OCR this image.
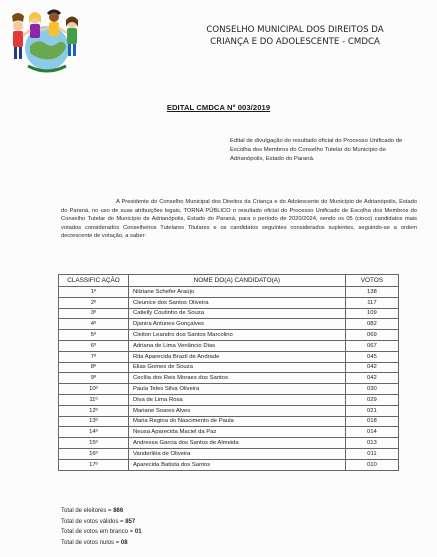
CONSELHO MUNICIPAL DOS DIREITOS DA
CRIANÇA E DO ADOLESCENTE - CMDCA
EDITAL CMDCA Nº 003/2019
Edital de divulgação do resultado oficial do Processo Unificado de Escolha dos Membros do Conselho Tutelar do Município de Adrianópolis, Estado do Paraná.
A Presidente do Conselho Municipal dos Direitos da Criança e do Adolescente do Município de Adrianópolis, Estado do Paraná, no uso de suas atribuições legais, TORNA PÚBLICO o resultado oficial do Processo Unificado de Escolha dos Membros do Conselho Tutelar do Município de Adrianópolis, Estado do Paraná, para o período de 2020/2024, sendo os 05 (cinco) candidatos mais votados considerados Conselheiros Tutelares Titulares e os candidatos seguintes considerados suplentes, seguindo-se a ordem decrescente de votação, a saber:
CLASSIFIC AÇÃO	NOME DO(A) CANDIDATO(A)	VOTOS
1º	Nilziane Schefer Araújo	138
2º	Cleunice dos Santos Oliveira	117
3º	Catielly Coutinho de Souza	109
4º	Djanira Antunes Gonçalves	082
5º	Cleiton Leandro dos Santos Marcolino	069
6º	Adriana de Lima Venâncio Dias	067
7º	Rita Aparecida Brazil de Andrade	045
8º	Elias Gomes de Souza	042
9º	Cecília dos Reis Moraes dos Santos	042
10º	Paula Teles Silva Oliveira	030
11º	Diva de Lima Rosa	029
12º	Mariane Soares Alves	021
13º	Maria Regina do Nascimento de Paula	018
14º	Neusa Aparecida Maciel da Paz	014
15º	Andressa Garcia dos Santos de Almeida	013
16º	Vanderléia de Oliveira	011
17º	Aparecida Batista dos Santos	010
Total de eleitores = 866
Total de votos válidos = 857
Total de votos em branco = 01
Total de votos nulos = 08
